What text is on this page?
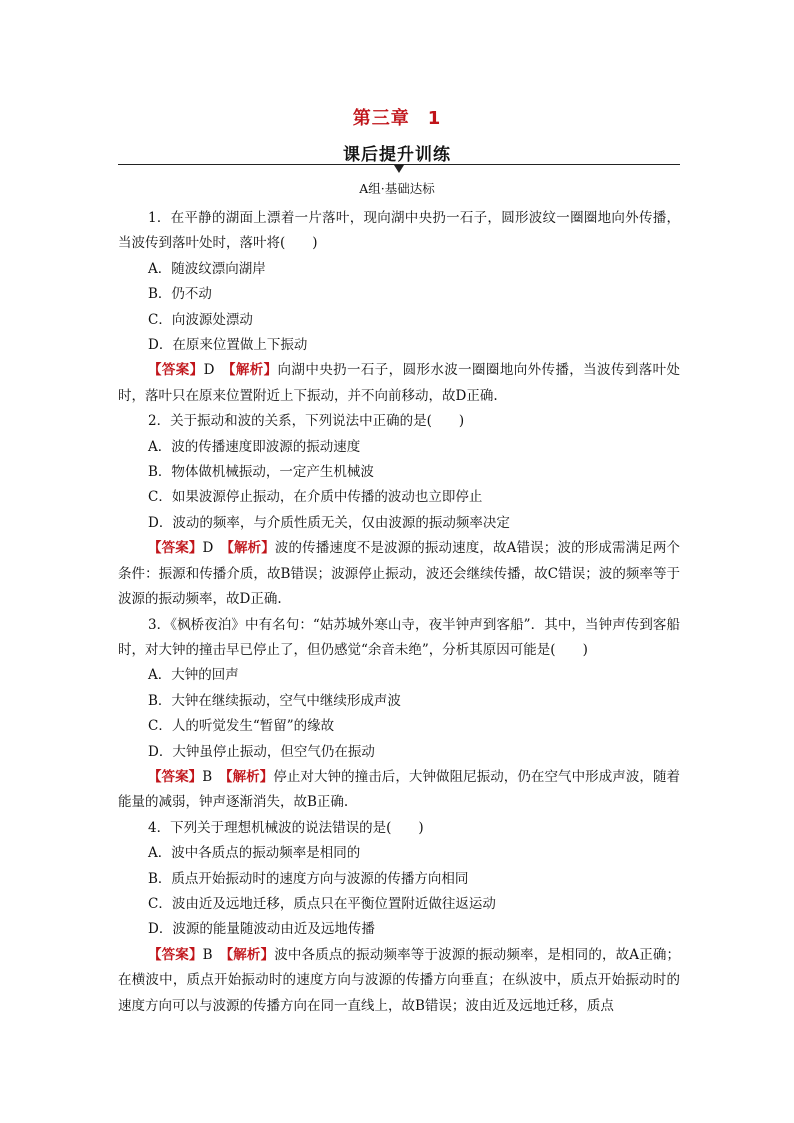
第三章 1
课后提升训练
A组·基础达标

1．在平静的湖面上漂着一片落叶，现向湖中央扔一石子，圆形波纹一圈圈地向外传播，当波传到落叶处时，落叶将(　　)

A．随波纹漂向湖岸

B．仍不动

C．向波源处漂动

D．在原来位置做上下振动

【答案】D　 【解析】向湖中央扔一石子，圆形水波一圈圈地向外传播，当波传到落叶处时，落叶只在原来位置附近上下振动，并不向前移动，故D正确.

2．关于振动和波的关系，下列说法中正确的是(　　)

A．波的传播速度即波源的振动速度

B．物体做机械振动，一定产生机械波

C．如果波源停止振动，在介质中传播的波动也立即停止

D．波动的频率，与介质性质无关，仅由波源的振动频率决定

【答案】D　 【解析】波的传播速度不是波源的振动速度，故A错误；波的形成需满足两个条件：振源和传播介质，故B错误；波源停止振动，波还会继续传播，故C错误；波的频率等于波源的振动频率，故D正确.

3．《枫桥夜泊》中有名句：“姑苏城外寒山寺，夜半钟声到客船”．其中，当钟声传到客船时，对大钟的撞击早已停止了，但仍感觉“余音未绝”，分析其原因可能是(　　)

A．大钟的回声

B．大钟在继续振动，空气中继续形成声波

C．人的听觉发生“暂留”的缘故

D．大钟虽停止振动，但空气仍在振动

【答案】B　 【解析】停止对大钟的撞击后，大钟做阻尼振动，仍在空气中形成声波，随着能量的减弱，钟声逐渐消失，故B正确.

4．下列关于理想机械波的说法错误的是(　　)

A．波中各质点的振动频率是相同的

B．质点开始振动时的速度方向与波源的传播方向相同

C．波由近及远地迁移，质点只在平衡位置附近做往返运动

D．波源的能量随波动由近及远地传播

【答案】B　 【解析】波中各质点的振动频率等于波源的振动频率，是相同的，故A正确；在横波中，质点开始振动时的速度方向与波源的传播方向垂直；在纵波中，质点开始振动时的速度方向可以与波源的传播方向在同一直线上，故B错误；波由近及远地迁移，质点
